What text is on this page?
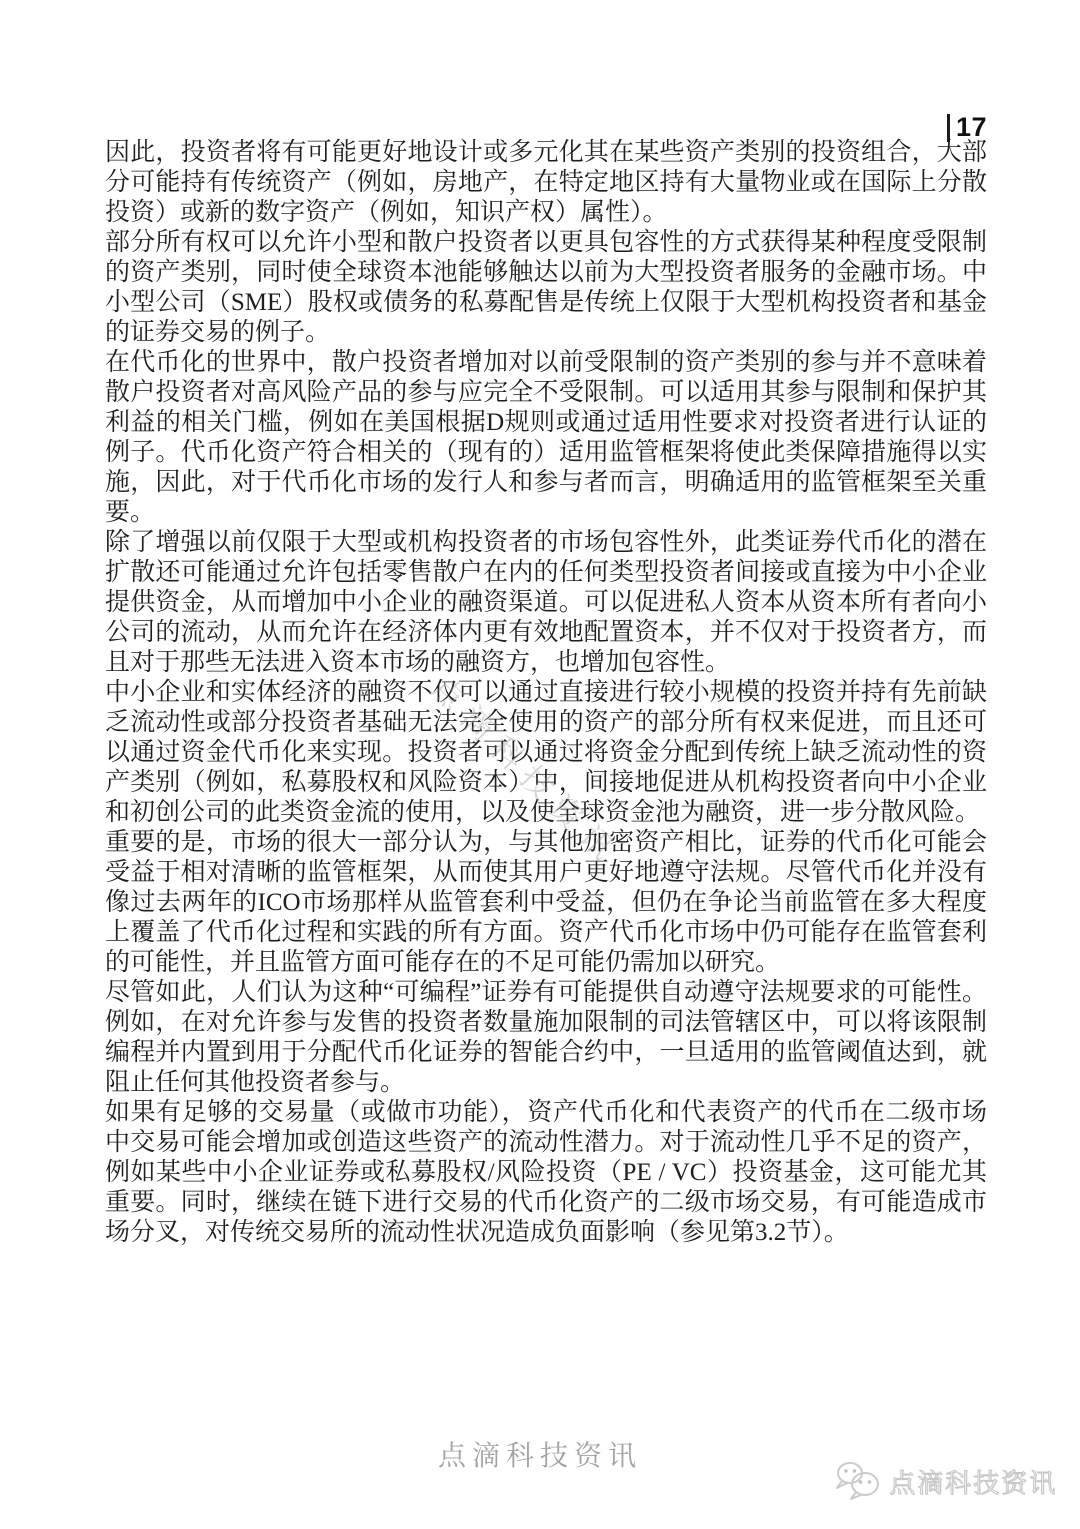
17

因此，投资者将有可能更好地设计或多元化其在某些资产类别的投资组合，大部分可能持有传统资产（例如，房地产，在特定地区持有大量物业或在国际上分散投资）或新的数字资产（例如，知识产权）属性）。

部分所有权可以允许小型和散户投资者以更具包容性的方式获得某种程度受限制的资产类别，同时使全球资本池能够触达以前为大型投资者服务的金融市场。中小型公司（SME）股权或债务的私募配售是传统上仅限于大型机构投资者和基金的证券交易的例子。

在代币化的世界中，散户投资者增加对以前受限制的资产类别的参与并不意味着散户投资者对高风险产品的参与应完全不受限制。可以适用其参与限制和保护其利益的相关门槛，例如在美国根据D规则或通过适用性要求对投资者进行认证的例子。代币化资产符合相关的（现有的）适用监管框架将使此类保障措施得以实施，因此，对于代币化市场的发行人和参与者而言，明确适用的监管框架至关重要。

除了增强以前仅限于大型或机构投资者的市场包容性外，此类证券代币化的潜在扩散还可能通过允许包括零售散户在内的任何类型投资者间接或直接为中小企业提供资金，从而增加中小企业的融资渠道。可以促进私人资本从资本所有者向小公司的流动，从而允许在经济体内更有效地配置资本，并不仅对于投资者方，而且对于那些无法进入资本市场的融资方，也增加包容性。

中小企业和实体经济的融资不仅可以通过直接进行较小规模的投资并持有先前缺乏流动性或部分投资者基础无法完全使用的资产的部分所有权来促进，而且还可以通过资金代币化来实现。投资者可以通过将资金分配到传统上缺乏流动性的资产类别（例如，私募股权和风险资本）中，间接地促进从机构投资者向中小企业和初创公司的此类资金流的使用，以及使全球资金池为融资，进一步分散风险。

重要的是，市场的很大一部分认为，与其他加密资产相比，证券的代币化可能会受益于相对清晰的监管框架，从而使其用户更好地遵守法规。尽管代币化并没有像过去两年的ICO市场那样从监管套利中受益，但仍在争论当前监管在多大程度上覆盖了代币化过程和实践的所有方面。资产代币化市场中仍可能存在监管套利的可能性，并且监管方面可能存在的不足可能仍需加以研究。

尽管如此，人们认为这种“可编程”证券有可能提供自动遵守法规要求的可能性。例如，在对允许参与发售的投资者数量施加限制的司法管辖区中，可以将该限制编程并内置到用于分配代币化证券的智能合约中，一旦适用的监管阈值达到，就阻止任何其他投资者参与。

如果有足够的交易量（或做市功能），资产代币化和代表资产的代币在二级市场中交易可能会增加或创造这些资产的流动性潜力。对于流动性几乎不足的资产，例如某些中小企业证券或私募股权/风险投资（PE / VC）投资基金，这可能尤其重要。同时，继续在链下进行交易的代币化资产的二级市场交易，有可能造成市场分叉，对传统交易所的流动性状况造成负面影响（参见第3.2节）。

点滴科技资讯
点滴科技资讯
点滴科技资讯
